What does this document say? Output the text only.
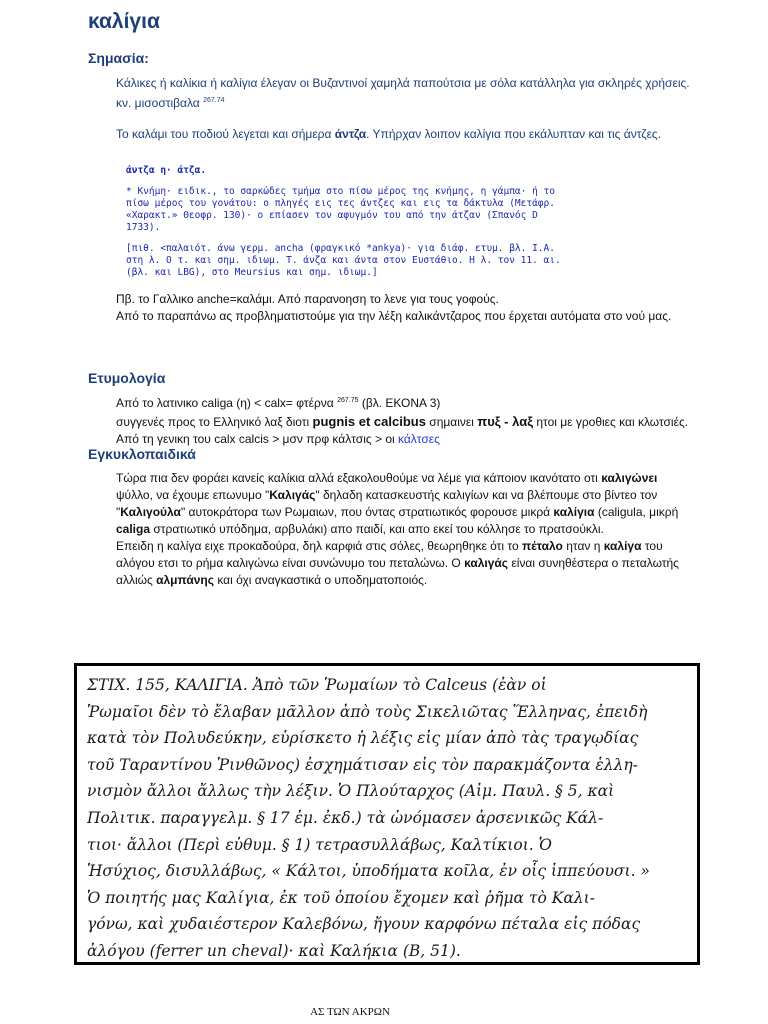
καλίγια
Σημασία:

Κάλικες ή καλίκια ή καλίγια έλεγαν οι Βυζαντινοί χαμηλά παπούτσια με σόλα κατάλληλα για σκληρές χρήσεις. κν. μισοστιβαλα $^{267.74}$

Το καλάμι του ποδιού λεγεται και σήμερα άντζα. Υπήρχαν λοιπον καλίγια που εκάλυπταν και τις άντζες.

άντζα η· άτζα.

* Κνήμη· ειδικ., το σαρκώδες τμήμα στο πίσω μέρος της κνήμης, η γάμπα· ή το πίσω μέρος του γονάτου: ο πληγές εις τες άντζες και εις τα δάκτυλα (Μετάφρ. «Χαρακτ.» Θεοφρ. 130)· ο επίασεν τον αφυγμόν του από την άτζαν (Σπανός D 1733).

[πιθ. <παλαιότ. άνω γερμ. ancha (φραγκικό *ankya)· για διάφ. ετυμ. βλ. Ι.Α. στη λ. Ο τ. και σημ. ιδιωμ. Τ. άνζα και άντα στον Ευστάθιο. Η λ. τον 11. αι. (βλ. και LBG), στο Meursius και σημ. ιδιωμ.]

Πβ. το Γαλλικο anche=καλάμι. Από παρανοηση το λενε για τους γοφούς.

Από το παραπάνω ας προβληματιστούμε για την λέξη καλικάντζαρος που έρχεται αυτόματα στο νού μας.

Ετυμολογία

Από το λατινικο caliga (η) < calx= φτέρνα $^{267.75}$ (βλ. ΕΚΟΝΑ 3)

συγγενές προς το Ελληνικό λαξ διοτι pugnis et calcibus σημαινει πυξ - λαξ ητοι με γροθιες και κλωτσιές. Από τη γενικη του calx calcis > μσν πρφ κάλτσις > οι κάλτσες

Εγκυκλοπαιδικά

Τώρα πια δεν φοράει κανείς καλίκια αλλά εξακολουθούμε να λέμε για κάποιον ικανότατο οτι καλιγώνει ψύλλο, να έχουμε επωνυμο "Καλιγάς" δηλαδη κατασκευστής καλιγίων και να βλέπουμε στο βίντεο τον "Καλιγούλα" αυτοκράτορα των Ρωμαιων, που όντας στρατιωτικός φορουσε μικρά καλίγια (caligula, μικρή caliga στρατιωτικό υπόδημα, αρβυλάκι) απο παιδί, και απο εκεί του κόλλησε το πρατσούκλι.
Επειδη η καλίγα ειχε προκαδούρα, δηλ καρφιά στις σόλες, θεωρηθηκε ότι το πέταλο ηταν η καλίγα του αλόγου ετσι το ρήμα καλιγώνω είναι συνώνυμο του πεταλώνω. Ο καλιγάς είναι συνηθέστερα ο πεταλωτής αλλιώς αλμπάνης και όχι αναγκαστικά ο υποδηματοποιός.

ΣΤΙΧ. 155, ΚΑΛΙΓΙΑ. Ἀπὸ τῶν Ῥωμαίων τὸ Calceus (ἐὰν οἱ

Ῥωμαῖοι δὲν τὸ ἔλαβαν μᾶλλον ἀπὸ τοὺς Σικελιῶτας Ἕλληνας, ἐπειδὴ

κατὰ τὸν Πολυδεύκην, εὑρίσκετο ἡ λέξις εἰς μίαν ἀπὸ τὰς τραγῳδίας

τοῦ Ταραντίνου Ῥινθῶνος) ἐσχημάτισαν εἰς τὸν παρακμάζοντα ἑλλη-

νισμὸν ἄλλοι ἄλλως τὴν λέξιν. Ὁ Πλούταρχος (Αἰμ. Παυλ. § 5, καὶ

Πολιτικ. παραγγελμ. § 17 ἐμ. ἐκδ.) τὰ ὠνόμασεν ἀρσενικῶς Κάλ-

τιοι· ἄλλοι (Περὶ εὐθυμ. § 1) τετρασυλλάβως, Καλτίκιοι. Ὁ

Ἡσύχιος, δισυλλάβως, « Κάλτοι, ὑποδήματα κοῖλα, ἐν οἷς ἱππεύουσι. »

Ὁ ποιητής μας Καλίγια, ἐκ τοῦ ὁποίου ἔχομεν καὶ ῥῆμα τὸ Καλι-

γόνω, καὶ χυδαιέστερον Καλεβόνω, ἤγουν καρφόνω πέταλα εἰς πόδας

ἀλόγου (ferrer un cheval)· καὶ Καλήκια (Β, 51).

ΑΣ ΤΩΝ ΑΚΡΩΝ
